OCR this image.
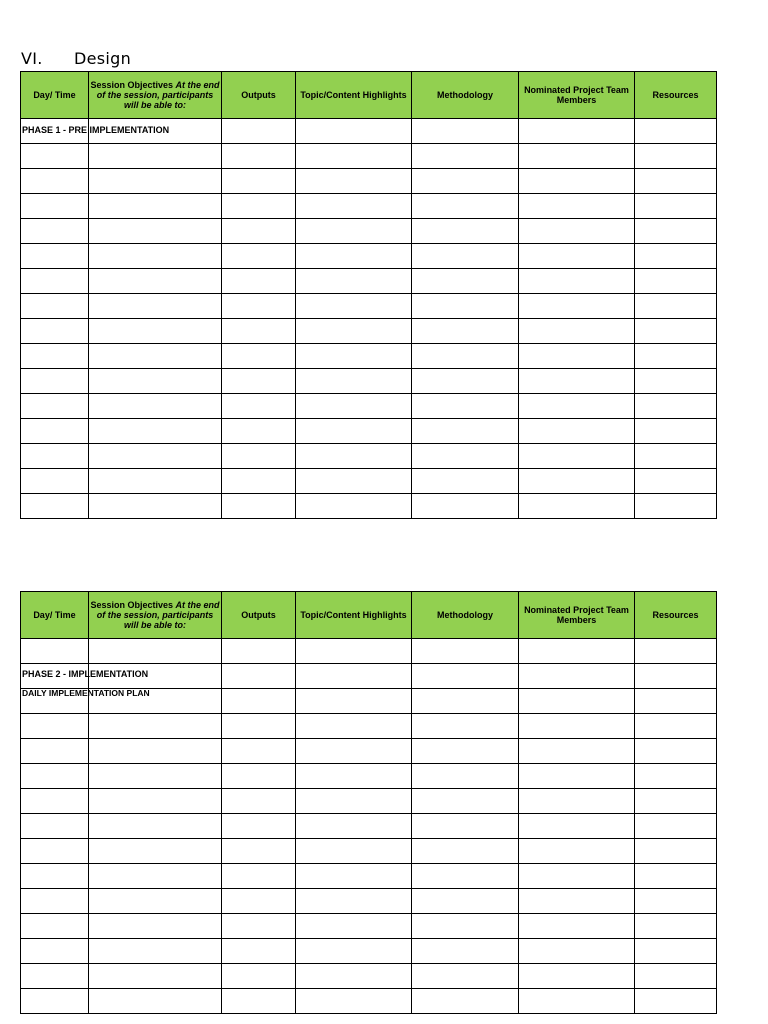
VI. Design
Day/ Time	Session Objectives At the end of the session, participants will be able to:	Outputs	Topic/Content Highlights	Methodology	Nominated Project Team Members	Resources

PHASE 1 - PRE IMPLEMENTATION						

Day/ Time	Session Objectives At the end of the session, participants will be able to:	Outputs	Topic/Content Highlights	Methodology	Nominated Project Team Members	Resources

PHASE 2 - IMPLEMENTATION						

DAILY IMPLEMENTATION PLAN						
